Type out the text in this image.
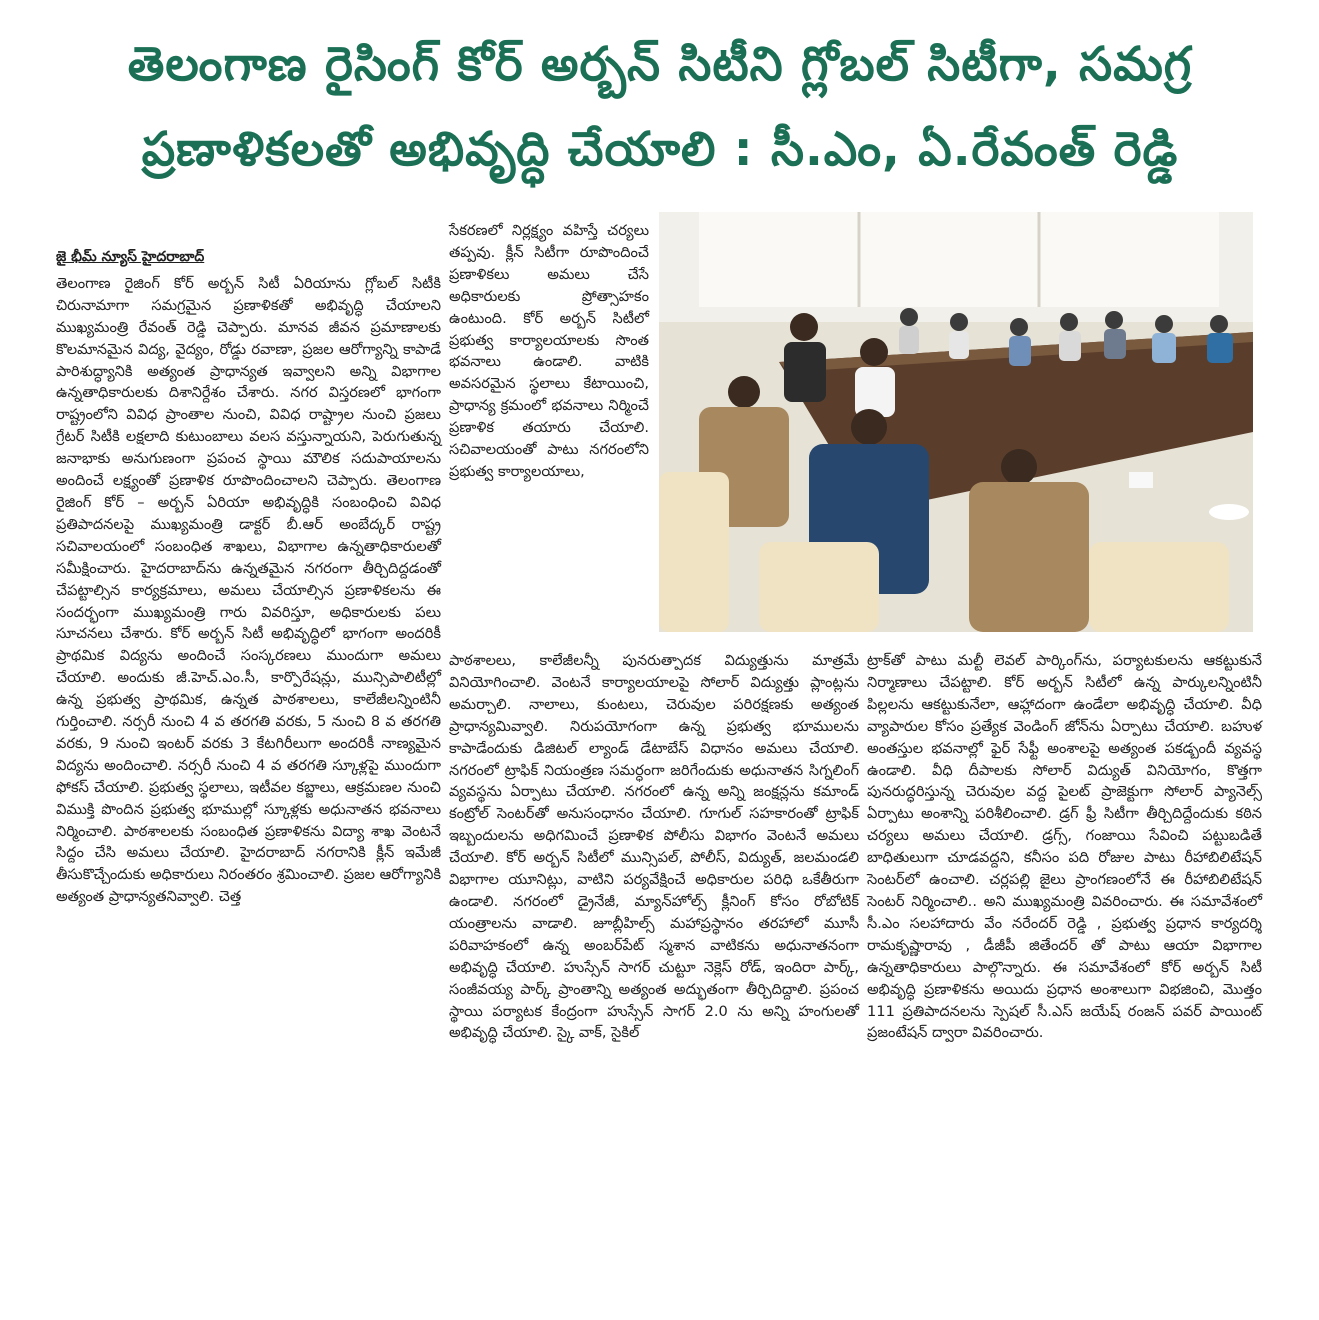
తెలంగాణ రైసింగ్ కోర్ అర్బన్ సిటీని గ్లోబల్ సిటీగా, సమగ్ర
ప్రణాళికలతో అభివృద్ధి చేయాలి : సీ.ఎం, ఏ.రేవంత్ రెడ్డి
జై భీమ్ న్యూస్ హైదరాబాద్

తెలంగాణ రైజింగ్ కోర్ అర్బన్ సిటీ ఏరియాను గ్లోబల్ సిటీకి చిరునామాగా సమగ్రమైన ప్రణాళికతో అభివృద్ధి చేయాలని ముఖ్యమంత్రి రేవంత్ రెడ్డి చెప్పారు. మానవ జీవన ప్రమాణాలకు కొలమానమైన విద్య, వైద్యం, రోడ్డు రవాణా, ప్రజల ఆరోగ్యాన్ని కాపాడే పారిశుద్ధ్యానికి అత్యంత ప్రాధాన్యత ఇవ్వాలని అన్ని విభాగాల ఉన్నతాధికారులకు దిశానిర్దేశం చేశారు. నగర విస్తరణలో భాగంగా రాష్ట్రంలోని వివిధ ప్రాంతాల నుంచి, వివిధ రాష్ట్రాల నుంచి ప్రజలు గ్రేటర్ సిటీకి లక్షలాది కుటుంబాలు వలస వస్తున్నాయని, పెరుగుతున్న జనాభాకు అనుగుణంగా ప్రపంచ స్థాయి మౌలిక సదుపాయాలను అందించే లక్ష్యంతో ప్రణాళిక రూపొందించాలని చెప్పారు. తెలంగాణ రైజింగ్ కోర్ – అర్బన్ ఏరియా అభివృద్ధికి సంబంధించి వివిధ ప్రతిపాదనలపై ముఖ్యమంత్రి డాక్టర్ బీ.ఆర్ అంబేద్కర్ రాష్ట్ర సచివాలయంలో సంబంధిత శాఖలు, విభాగాల ఉన్నతాధికారులతో సమీక్షించారు. హైదరాబాద్‌ను ఉన్నతమైన నగరంగా తీర్చిదిద్దడంతో చేపట్టాల్సిన కార్యక్రమాలు, అమలు చేయాల్సిన ప్రణాళికలను ఈ సందర్భంగా ముఖ్యమంత్రి గారు వివరిస్తూ, అధికారులకు పలు సూచనలు చేశారు. కోర్ అర్బన్ సిటీ అభివృద్ధిలో భాగంగా అందరికీ ప్రాథమిక విద్యను అందించే సంస్కరణలు ముందుగా అమలు చేయాలి. అందుకు జీ.హెచ్.ఎం.సీ, కార్పొరేషన్లు, మున్సిపాలిటీల్లో ఉన్న ప్రభుత్వ ప్రాథమిక, ఉన్నత పాఠశాలలు, కాలేజీలన్నింటినీ గుర్తించాలి. నర్సరీ నుంచి 4 వ తరగతి వరకు, 5 నుంచి 8 వ తరగతి వరకు, 9 నుంచి ఇంటర్ వరకు 3 కేటగిరీలుగా అందరికీ నాణ్యమైన విద్యను అందించాలి. నర్సరీ నుంచి 4 వ తరగతి స్కూళ్లపై ముందుగా ఫోకస్ చేయాలి. ప్రభుత్వ స్థలాలు, ఇటీవల కబ్జాలు, ఆక్రమణల నుంచి విముక్తి పొందిన ప్రభుత్వ భూముల్లో స్కూళ్లకు అధునాతన భవనాలు నిర్మించాలి. పాఠశాలలకు సంబంధిత ప్రణాళికను విద్యా శాఖ వెంటనే సిద్దం చేసి అమలు చేయాలి. హైదరాబాద్ నగరానికి క్లీన్ ఇమేజీ తీసుకొచ్చేందుకు అధికారులు నిరంతరం శ్రమించాలి. ప్రజల ఆరోగ్యానికి అత్యంత ప్రాధాన్యతనివ్వాలి. చెత్త

సేకరణలో నిర్లక్ష్యం వహిస్తే చర్యలు తప్పవు. క్లీన్ సిటీగా రూపొందించే ప్రణాళికలు అమలు చేసే అధికారులకు ప్రోత్సాహకం ఉంటుంది. కోర్ అర్బన్ సిటీలో ప్రభుత్వ కార్యాలయాలకు సొంత భవనాలు ఉండాలి. వాటికి అవసరమైన స్థలాలు కేటాయించి, ప్రాధాన్య క్రమంలో భవనాలు నిర్మించే ప్రణాళిక తయారు చేయాలి. సచివాలయంతో పాటు నగరంలోని ప్రభుత్వ కార్యాలయాలు,

పాఠశాలలు, కాలేజీలన్నీ పునరుత్పాదక విద్యుత్తును మాత్రమే వినియోగించాలి. వెంటనే కార్యాలయాలపై సోలార్ విద్యుత్తు ప్లాంట్లను అమర్చాలి. నాలాలు, కుంటలు, చెరువుల పరిరక్షణకు అత్యంత ప్రాధాన్యమివ్వాలి. నిరుపయోగంగా ఉన్న ప్రభుత్వ భూములను కాపాడేందుకు డిజిటల్ ల్యాండ్ డేటాబేస్ విధానం అమలు చేయాలి. నగరంలో ట్రాఫిక్ నియంత్రణ సమర్ధంగా జరిగేందుకు అధునాతన సిగ్నలింగ్ వ్యవస్థను ఏర్పాటు చేయాలి. నగరంలో ఉన్న అన్ని జంక్షన్లను కమాండ్ కంట్రోల్ సెంటర్‌తో అనుసంధానం చేయాలి. గూగుల్ సహకారంతో ట్రాఫిక్ ఇబ్బందులను అధిగమించే ప్రణాళిక పోలీసు విభాగం వెంటనే అమలు చేయాలి. కోర్ అర్బన్ సిటీలో మున్సిపల్, పోలీస్, విద్యుత్, జలమండలి విభాగాల యూనిట్లు, వాటిని పర్యవేక్షించే అధికారుల పరిధి ఒకేతీరుగా ఉండాలి. నగరంలో డ్రైనేజీ, మ్యాన్‌హోల్స్ క్లీనింగ్ కోసం రోబోటిక్ యంత్రాలను వాడాలి. జూబ్లీహిల్స్ మహాప్రస్థానం తరహాలో మూసీ పరివాహకంలో ఉన్న అంబర్‌పేట్ స్మశాన వాటికను అధునాతనంగా అభివృద్ధి చేయాలి. హుస్సేన్ సాగర్ చుట్టూ నెక్లెస్ రోడ్, ఇందిరా పార్క్, సంజీవయ్య పార్క్ ప్రాంతాన్ని అత్యంత అద్భుతంగా తీర్చిదిద్దాలి. ప్రపంచ స్థాయి పర్యాటక కేంద్రంగా హుస్సేన్ సాగర్ 2.0 ను అన్ని హంగులతో అభివృద్ధి చేయాలి. స్కై వాక్, సైకిల్

ట్రాక్‌తో పాటు మల్టీ లెవల్ పార్కింగ్‌ను, పర్యాటకులను ఆకట్టుకునే నిర్మాణాలు చేపట్టాలి. కోర్ అర్బన్ సిటీలో ఉన్న పార్కులన్నింటినీ పిల్లలను ఆకట్టుకునేలా, ఆహ్లాదంగా ఉండేలా అభివృద్ధి చేయాలి. వీధి వ్యాపారుల కోసం ప్రత్యేక వెండింగ్ జోన్‌ను ఏర్పాటు చేయాలి. బహుళ అంతస్తుల భవనాల్లో ఫైర్ సేఫ్టీ అంశాలపై అత్యంత పకడ్బందీ వ్యవస్థ ఉండాలి. వీధి దీపాలకు సోలార్ విద్యుత్ వినియోగం, కొత్తగా పునరుద్ధరిస్తున్న చెరువుల వద్ద పైలట్ ప్రాజెక్టుగా సోలార్ ప్యానెల్స్ ఏర్పాటు అంశాన్ని పరిశీలించాలి. డ్రగ్ ఫ్రీ సిటీగా తీర్చిదిద్దేందుకు కఠిన చర్యలు అమలు చేయాలి. డ్రగ్స్, గంజాయి సేవించి పట్టుబడితే బాధితులుగా చూడవద్దని, కనీసం పది రోజుల పాటు రీహాబిలిటేషన్ సెంటర్‌లో ఉంచాలి. చర్లపల్లి జైలు ప్రాంగణంలోనే ఈ రీహాబిలిటేషన్ సెంటర్ నిర్మించాలి.. అని ముఖ్యమంత్రి వివరించారు. ఈ సమావేశంలో సీ.ఎం సలహాదారు వేం నరేందర్ రెడ్డి , ప్రభుత్వ ప్రధాన కార్యదర్శి రామకృష్ణారావు , డీజీపీ జితేందర్ తో పాటు ఆయా విభాగాల ఉన్నతాధికారులు పాల్గొన్నారు. ఈ సమావేశంలో కోర్ అర్బన్ సిటీ అభివృద్ధి ప్రణాళికను అయిదు ప్రధాన అంశాలుగా విభజించి, మొత్తం 111 ప్రతిపాదనలను స్పెషల్ సీ.ఎస్ జయేష్ రంజన్ పవర్ పాయింట్ ప్రజంటేషన్ ద్వారా వివరించారు.
